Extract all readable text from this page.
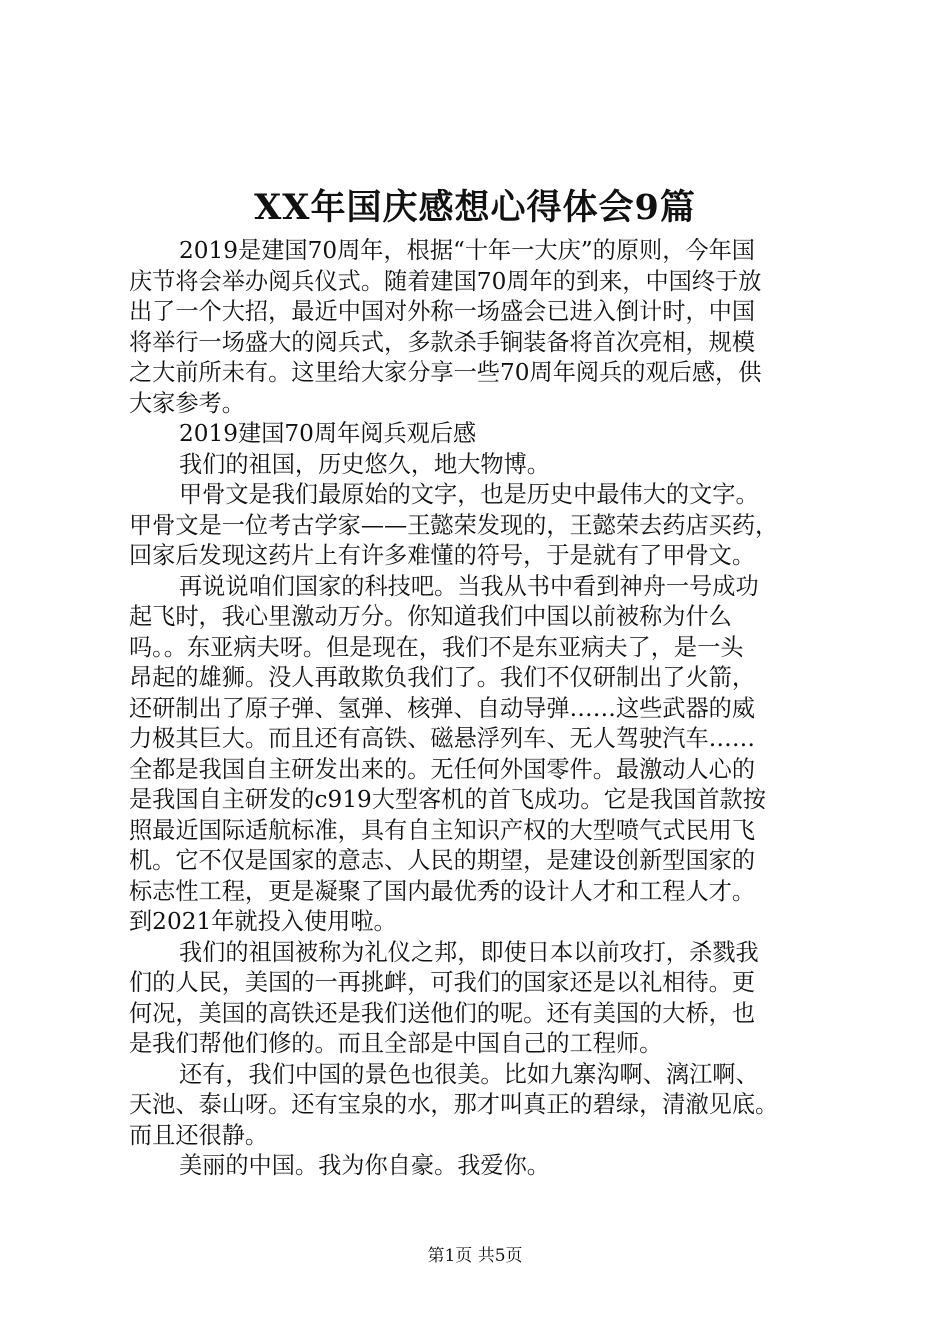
XX年国庆感想心得体会9篇
2019是建国70周年，根据“十年一大庆”的原则，今年国
庆节将会举办阅兵仪式。随着建国70周年的到来，中国终于放
出了一个大招，最近中国对外称一场盛会已进入倒计时，中国
将举行一场盛大的阅兵式，多款杀手锏装备将首次亮相，规模
之大前所未有。这里给大家分享一些70周年阅兵的观后感，供
大家参考。
2019建国70周年阅兵观后感
我们的祖国，历史悠久，地大物博。
甲骨文是我们最原始的文字，也是历史中最伟大的文字。
甲骨文是一位考古学家——王懿荣发现的，王懿荣去药店买药，
回家后发现这药片上有许多难懂的符号，于是就有了甲骨文。
再说说咱们国家的科技吧。当我从书中看到神舟一号成功
起飞时，我心里激动万分。你知道我们中国以前被称为什么
吗。。东亚病夫呀。但是现在，我们不是东亚病夫了，是一头
昂起的雄狮。没人再敢欺负我们了。我们不仅研制出了火箭，
还研制出了原子弹、氢弹、核弹、自动导弹……这些武器的威
力极其巨大。而且还有高铁、磁悬浮列车、无人驾驶汽车……
全都是我国自主研发出来的。无任何外国零件。最激动人心的
是我国自主研发的c919大型客机的首飞成功。它是我国首款按
照最近国际适航标准，具有自主知识产权的大型喷气式民用飞
机。它不仅是国家的意志、人民的期望，是建设创新型国家的
标志性工程，更是凝聚了国内最优秀的设计人才和工程人才。
到2021年就投入使用啦。
我们的祖国被称为礼仪之邦，即使日本以前攻打，杀戮我
们的人民，美国的一再挑衅，可我们的国家还是以礼相待。更
何况，美国的高铁还是我们送他们的呢。还有美国的大桥，也
是我们帮他们修的。而且全部是中国自己的工程师。
还有，我们中国的景色也很美。比如九寨沟啊、漓江啊、
天池、泰山呀。还有宝泉的水，那才叫真正的碧绿，清澈见底。
而且还很静。
美丽的中国。我为你自豪。我爱你。
第1页 共5页
